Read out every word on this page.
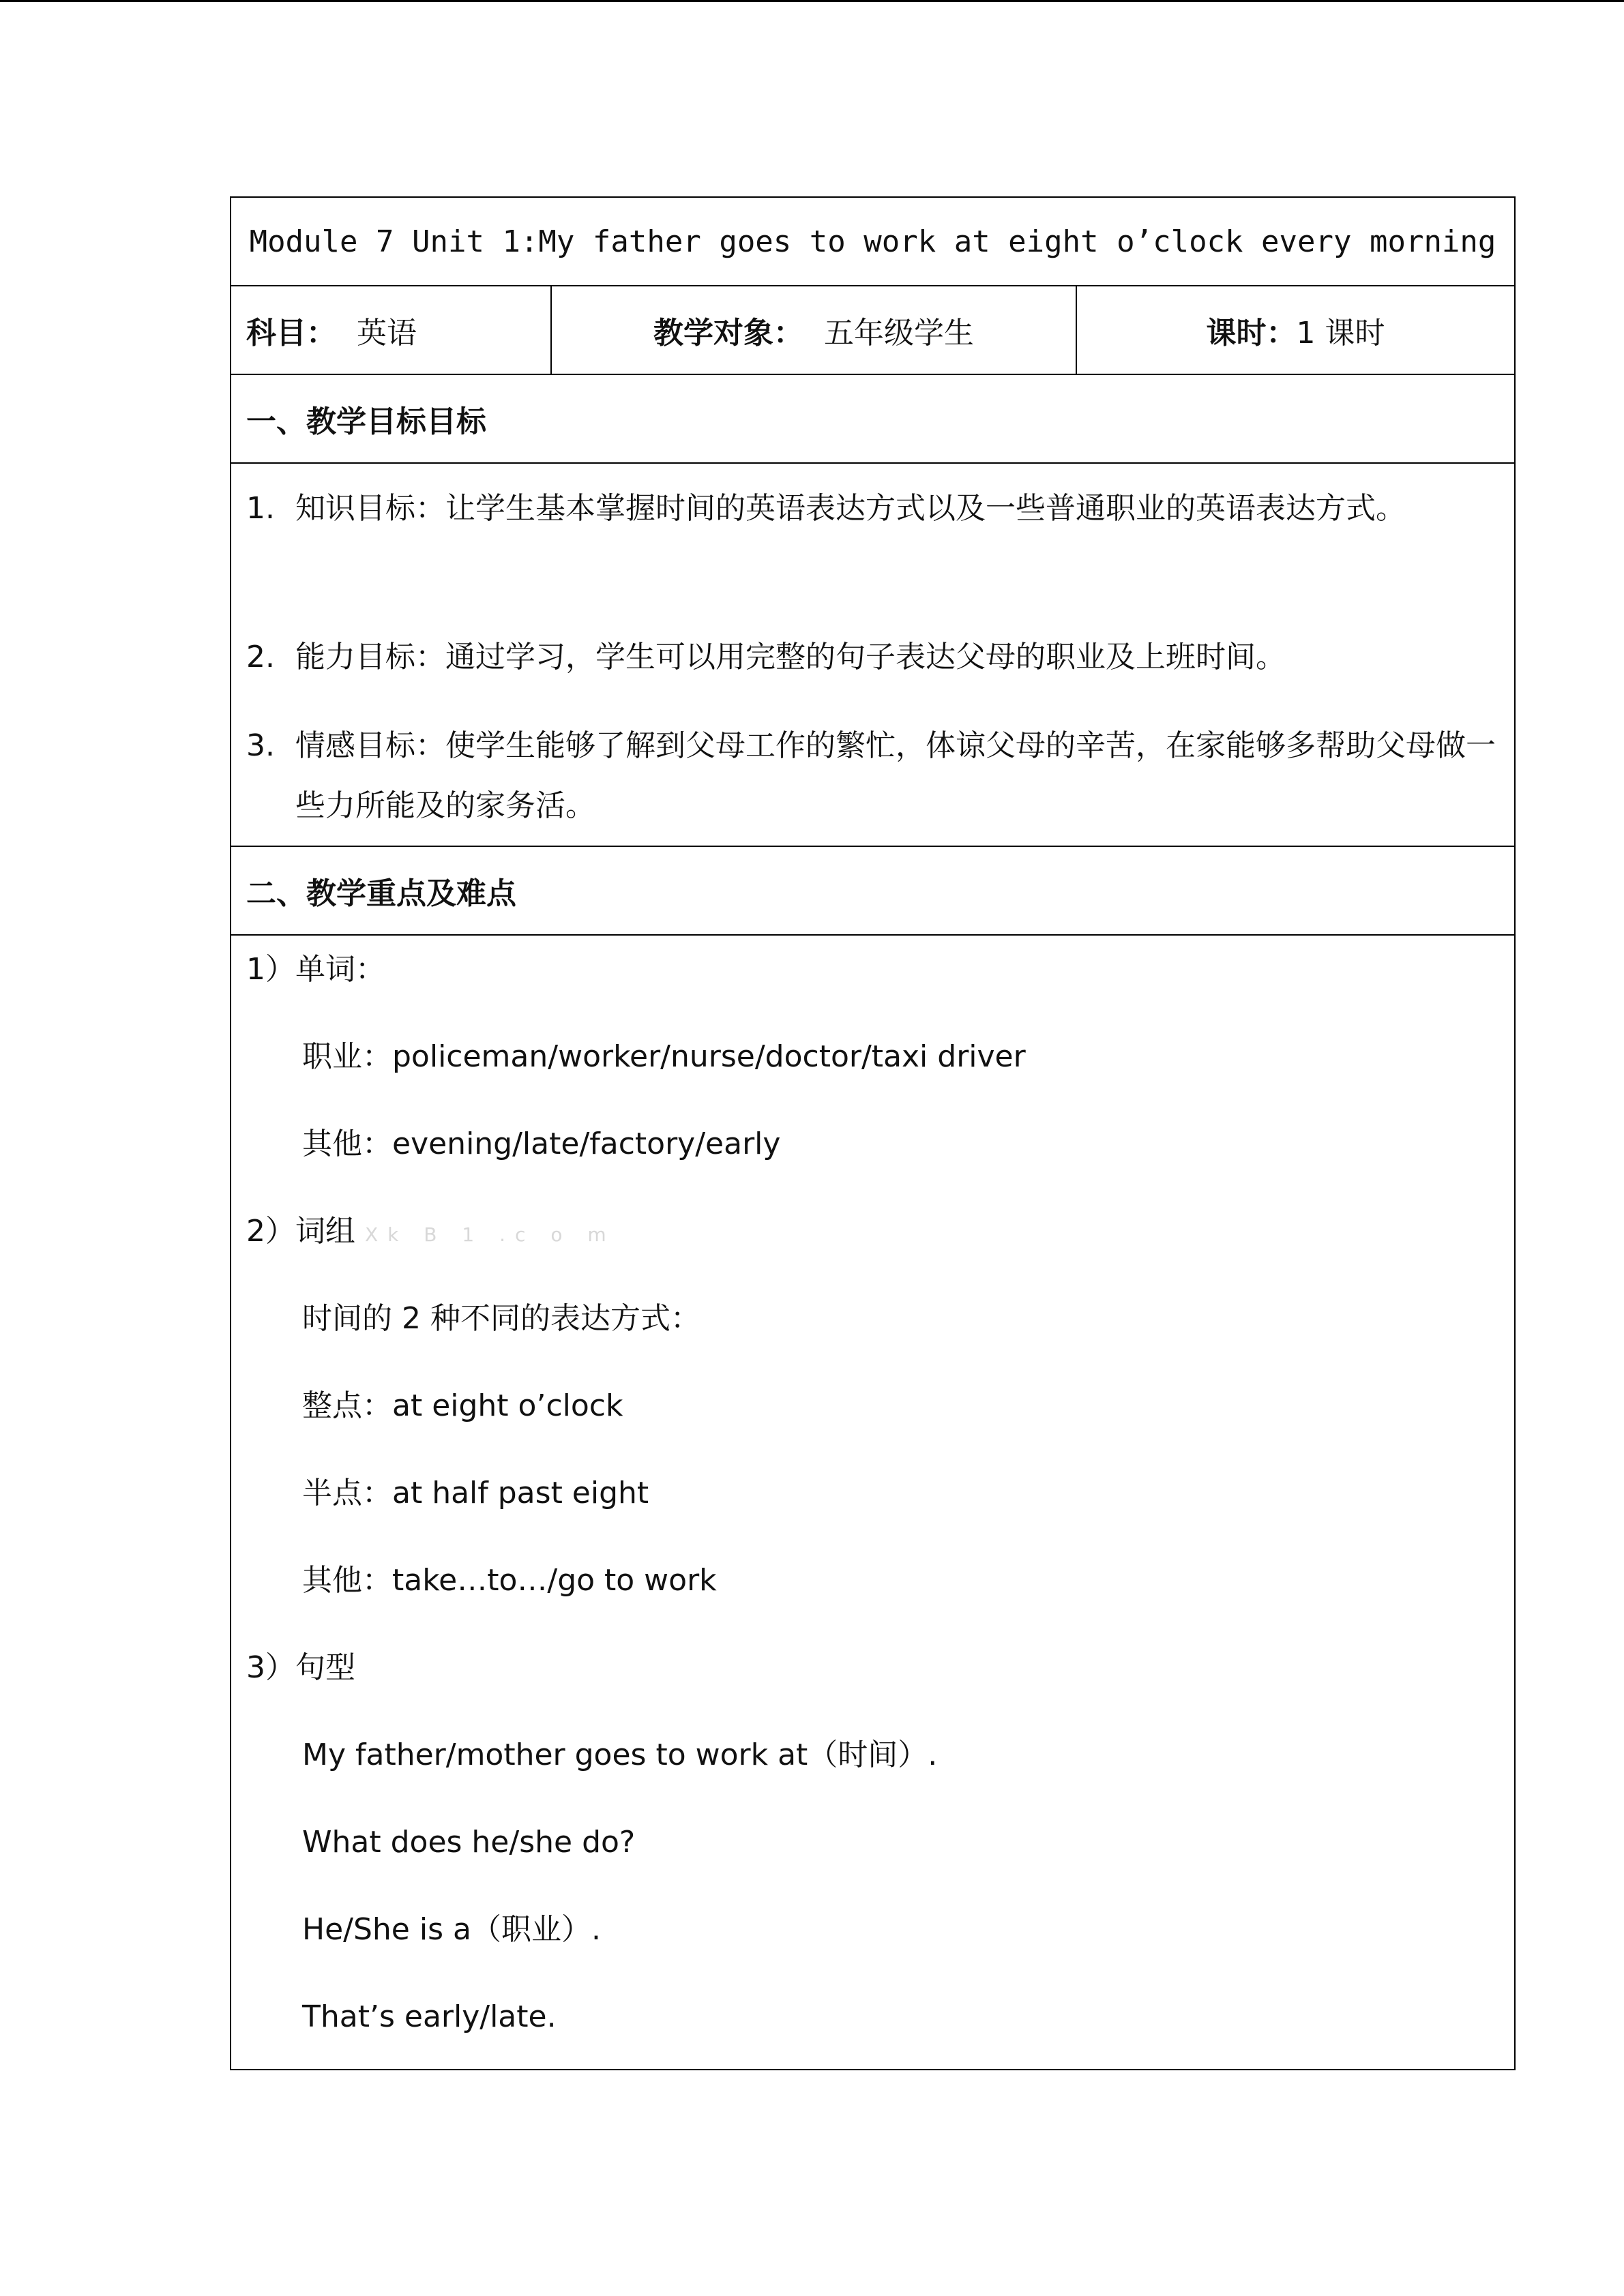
Module 7 Unit 1:My father goes to work at eight o’clock every morning
科目： 英语	教学对象： 五年级学生	课时： 1 课时
一、教学目标目标
1. 知识目标：让学生基本掌握时间的英语表达方式以及一些普通职业的英语表达方式。
2. 能力目标：通过学习，学生可以用完整的句子表达父母的职业及上班时间。
3. 情感目标：使学生能够了解到父母工作的繁忙，体谅父母的辛苦，在家能够多帮助父母做一些力所能及的家务活。
二、教学重点及难点
1）单词：
职业：policeman/worker/nurse/doctor/taxi driver
其他：evening/late/factory/early
2）词组 Xk B 1 .c o m
时间的 2 种不同的表达方式：
整点：at eight o’clock
半点：at half past eight
其他：take…to…/go to work
3）句型
My father/mother goes to work at（时间）.
What does he/she do?
He/She is a（职业）.
That’s early/late.
